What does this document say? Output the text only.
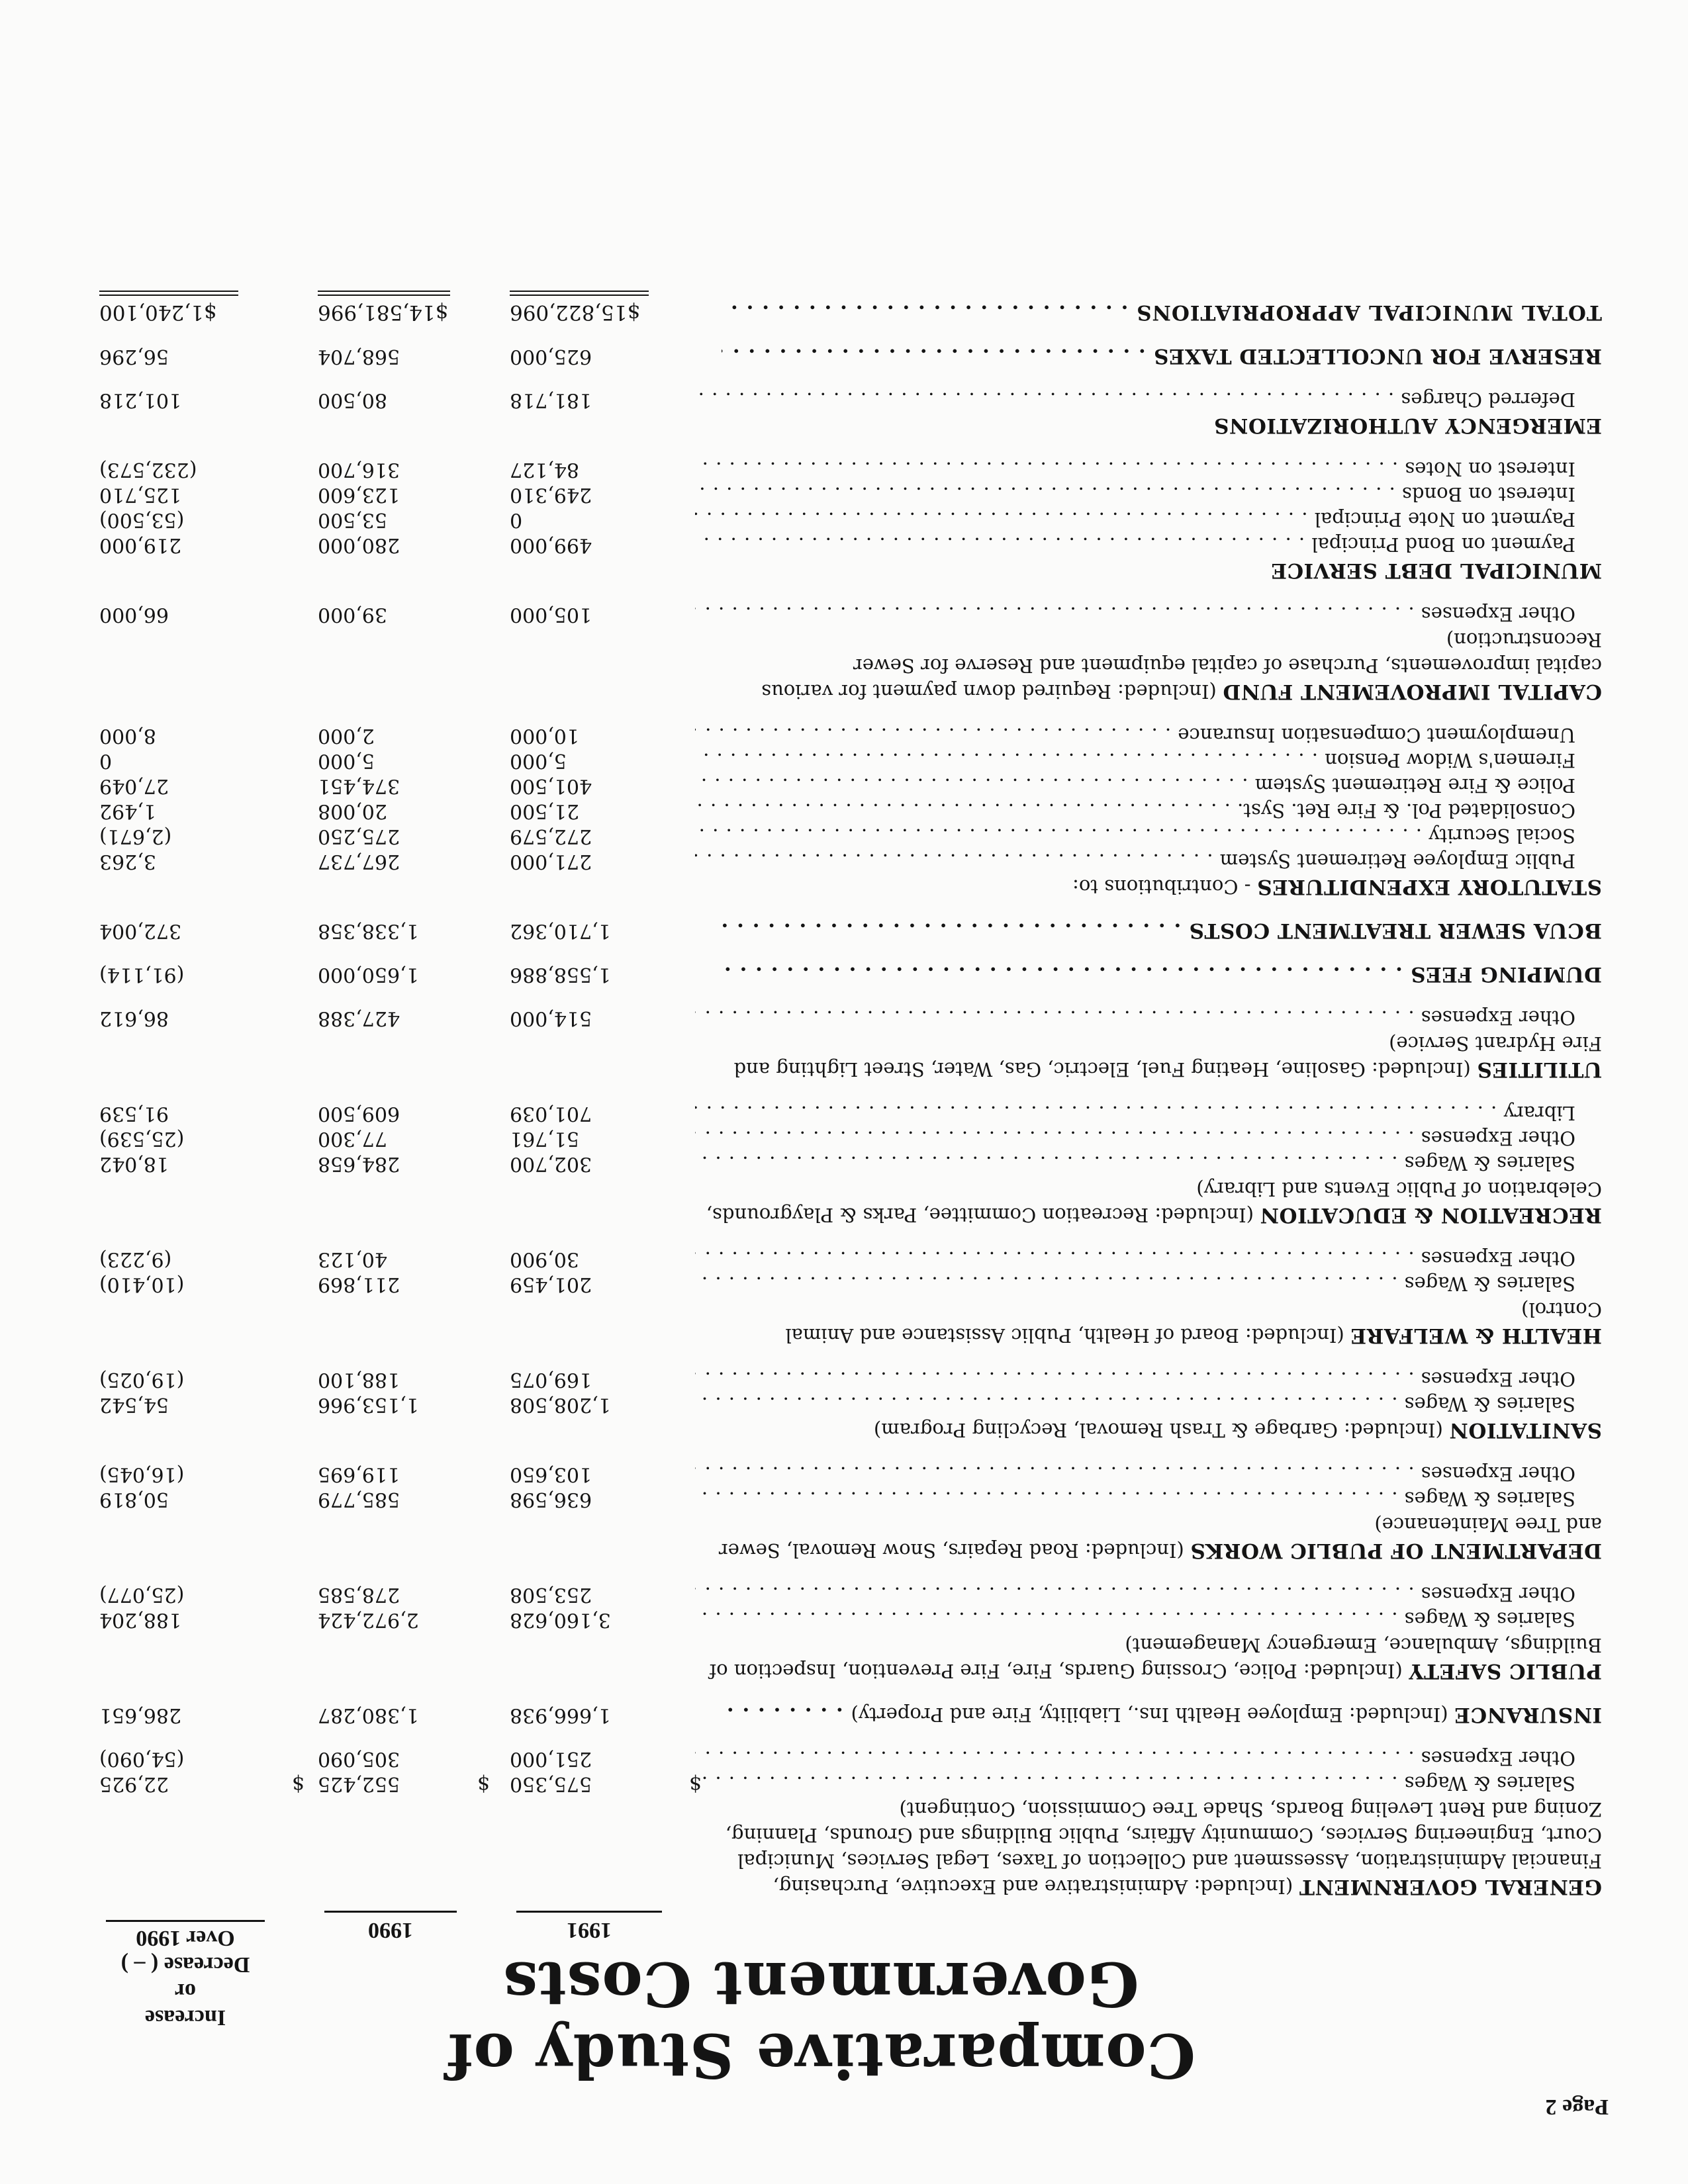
Page 2
Comparative Study of Government Costs
Increase
or
Decrease ( – )
Over 1990	1991
1990
GENERAL GOVERNMENT (Included: Administrative and Executive, Purchasing, Financial Administration, Assessment and Collection of Taxes, Legal Services, Municipal Court, Engineering Services, Community Affairs, Public Buildings and Grounds, Planning, Zoning and Rent Leveling Boards, Shade Tree Commission, Contingent)
Salaries & Wages . . .
$
$
$	575,350
552,425
22,925
Other Expenses . . .
251,000
305,090
(54,090)
INSURANCE (Included: Employee Health Ins., Liability, Fire and Property) . . .
1,666,938
1,380,287
286,651
PUBLIC SAFETY (Included: Police, Crossing Guards, Fire, Fire Prevention, Inspection of Buildings, Ambulance, Emergency Management)
Salaries & Wages . . .
3,160,628
2,972,424
188,204
Other Expenses . . .
253,508
278,585
(25,077)
DEPARTMENT OF PUBLIC WORKS (Included: Road Repairs, Snow Removal, Sewer and Tree Maintenance)
Salaries & Wages . . .
636,598
585,779
50,819
Other Expenses . . .
103,650
119,695
(16,045)
SANITATION (Included: Garbage & Trash Removal, Recycling Program)
Salaries & Wages . . .
1,208,508
1,153,966
54,542
Other Expenses . . .
169,075
188,100
(19,025)
HEALTH & WELFARE (Included: Board of Health, Public Assistance and Animal Control)
Salaries & Wages . . .
201,459
211,869
(10,410)
Other Expenses . . .
30,900
40,123
(9,223)
RECREATION & EDUCATION (Included: Recreation Committee, Parks & Playgrounds, Celebration of Public Events and Library)
Salaries & Wages . . .
302,700
284,658
18,042
Other Expenses . . .
51,761
77,300
(25,539)
Library . . .
701,039
609,500
91,539
UTILITIES (Included: Gasoline, Heating Fuel, Electric, Gas, Water, Street Lighting and Fire Hydrant Service)
Other Expenses . . .
514,000
427,388
86,612
DUMPING FEES . . .
1,558,886
1,650,000
(91,114)
BCUA SEWER TREATMENT COSTS . . .
1,710,362
1,338,358
372,004
STATUTORY EXPENDITURES - Contributions to:
Public Employee Retirement System . . .
271,000
267,737
3,263
Social Security . . .
272,579
275,250
(2,671)
Consolidated Pol. & Fire Ret. Syst. . . .
21,500
20,008
1,492
Police & Fire Retirement System . . .
401,500
374,451
27,049
Firemen's Widow Pension . . .
5,000
5,000
0
Unemployment Compensation Insurance . . .
10,000
2,000
8,000
CAPITAL IMPROVEMENT FUND (Included: Required down payment for various capital improvements, Purchase of capital equipment and Reserve for Sewer Reconstruction)
Other Expenses . . .
105,000
39,000
66,000
MUNICIPAL DEBT SERVICE
Payment on Bond Principal . . .
499,000
280,000
219,000
Payment on Note Principal . . .
0
53,500
(53,500)
Interest on Bonds . . .
249,310
123,600
125,710
Interest on Notes . . .
84,127
316,700
(232,573)
EMERGENCY AUTHORIZATIONS
Deferred Charges . . .
181,718
80,500
101,218
RESERVE FOR UNCOLLECTED TAXES . . .
625,000
568,704
56,296
TOTAL MUNICIPAL APPROPRIATIONS . . .
$15,822,096
$14,581,996
$1,240,100
